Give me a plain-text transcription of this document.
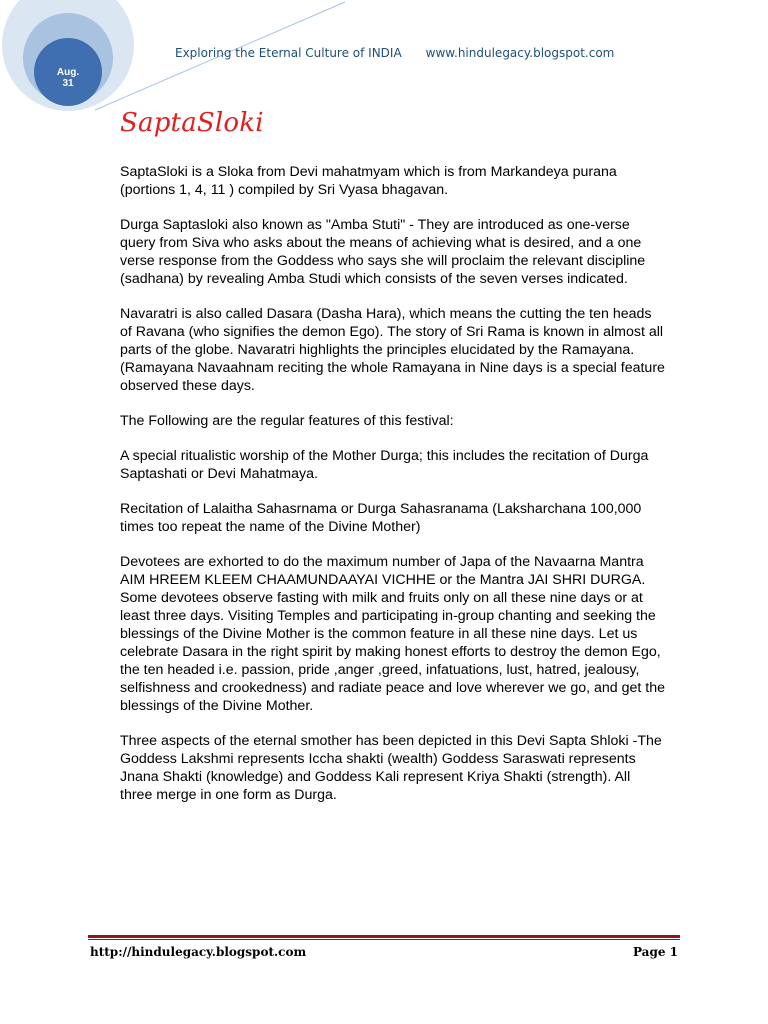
Aug. 31
Exploring the Eternal Culture of INDIA www.hindulegacy.blogspot.com
SaptaSloki

SaptaSloki is a Sloka from Devi mahatmyam which is from Markandeya purana (portions 1, 4, 11 ) compiled by Sri Vyasa bhagavan.

Durga Saptasloki also known as "Amba Stuti" - They are introduced as one-verse query from Siva who asks about the means of achieving what is desired, and a one verse response from the Goddess who says she will proclaim the relevant discipline (sadhana) by revealing Amba Studi which consists of the seven verses indicated.

Navaratri is also called Dasara (Dasha Hara), which means the cutting the ten heads of Ravana (who signifies the demon Ego). The story of Sri Rama is known in almost all parts of the globe. Navaratri highlights the principles elucidated by the Ramayana. (Ramayana Navaahnam reciting the whole Ramayana in Nine days is a special feature observed these days.

The Following are the regular features of this festival:

A special ritualistic worship of the Mother Durga; this includes the recitation of Durga Saptashati or Devi Mahatmaya.

Recitation of Lalaitha Sahasrnama or Durga Sahasranama (Laksharchana 100,000 times too repeat the name of the Divine Mother)

Devotees are exhorted to do the maximum number of Japa of the Navaarna Mantra AIM HREEM KLEEM CHAAMUNDAAYAI VICHHE or the Mantra JAI SHRI DURGA. Some devotees observe fasting with milk and fruits only on all these nine days or at least three days. Visiting Temples and participating in-group chanting and seeking the blessings of the Divine Mother is the common feature in all these nine days. Let us celebrate Dasara in the right spirit by making honest efforts to destroy the demon Ego, the ten headed i.e. passion, pride ,anger ,greed, infatuations, lust, hatred, jealousy, selfishness and crookedness) and radiate peace and love wherever we go, and get the blessings of the Divine Mother.

Three aspects of the eternal smother has been depicted in this Devi Sapta Shloki -The Goddess Lakshmi represents Iccha shakti (wealth) Goddess Saraswati represents Jnana Shakti (knowledge) and Goddess Kali represent Kriya Shakti (strength). All three merge in one form as Durga.

http://hindulegacy.blogspot.com	Page 1
